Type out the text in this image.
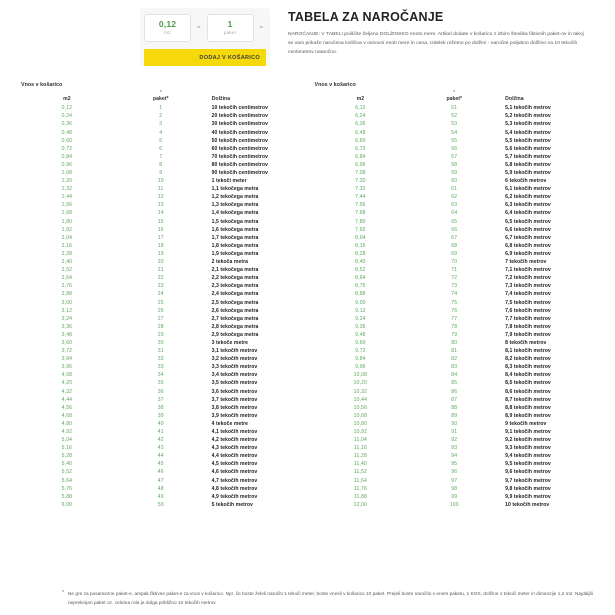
0,12
m2
=	1
paket
=
DODAJ V KOŠARICO
TABELA ZA NAROČANJE

NAROČANJE: V TABELI poiščite željeno DOLŽINSKO enoto mere. Artikel dodate v košarico z izbiro številka fiktivnih paket-ov in takoj se vam prikaže naročena količina v osnovni enoti mere in cena. Izdelek režemo po dolžini - naročite poljubno dolžino na 10 tekočih centimetrov natančno.

Vnos v košarico		
	*	
m2	paket*	Dolžina
0,12	1	10 tekočih centimetrov
0,24	2	20 tekočih centimetrov
0,36	3	30 tekočih centimetrov
0,48	4	40 tekočih centimetrov
0,60	5	50 tekočih centimetrov
0,72	6	60 tekočih centimetrov
0,84	7	70 tekočih centimetrov
0,96	8	80 tekočih centimetrov
1,08	9	90 tekočih centimetrov
1,20	10	1 tekoči meter
1,32	11	1,1 tekočega metra
1,44	12	1,2 tekočega metra
1,56	13	1,3 tekočega metra
1,68	14	1,4 tekočega metra
1,80	15	1,5 tekočega metra
1,92	16	1,6 tekočega metra
2,04	17	1,7 tekočega metra
2,16	18	1,8 tekočega metra
2,28	19	1,9 tekočega metra
2,40	20	2 tekoča metra
2,52	21	2,1 tekočega metra
2,64	22	2,2 tekočega metra
2,76	23	2,3 tekočega metra
2,88	24	2,4 tekočega metra
3,00	25	2,5 tekočega metra
3,12	26	2,6 tekočega metra
3,24	27	2,7 tekočega metra
3,36	28	2,8 tekočega metra
3,48	29	2,9 tekočega metra
3,60	30	3 tekoče metre
3,72	31	3,1 tekočih metrov
3,84	32	3,2 tekočih metrov
3,96	33	3,3 tekočih metrov
4,08	34	3,4 tekočih metrov
4,20	35	3,5 tekočih metrov
4,32	36	3,6 tekočih metrov
4,44	37	3,7 tekočih metrov
4,56	38	3,8 tekočih metrov
4,68	39	3,9 tekočih metrov
4,80	40	4 tekoče metre
4,92	41	4,1 tekočih metrov
5,04	42	4,2 tekočih metrov
5,16	43	4,3 tekočih metrov
5,28	44	4,4 tekočih metrov
5,40	45	4,5 tekočih metrov
5,52	46	4,6 tekočih metrov
5,64	47	4,7 tekočih metrov
5,76	48	4,8 tekočih metrov
5,88	49	4,9 tekočih metrov
6,00	50	5 tekočih metrov
Vnos v košarico		
	*	
m2	paket*	Dolžina
6,12	51	5,1 tekočih metrov
6,24	52	5,2 tekočih metrov
6,36	53	5,3 tekočih metrov
6,48	54	5,4 tekočih metrov
6,60	55	5,5 tekočih metrov
6,72	56	5,6 tekočih metrov
6,84	57	5,7 tekočih metrov
6,96	58	5,8 tekočih metrov
7,08	59	5,9 tekočih metrov
7,20	60	6 tekočih metrov
7,32	61	6,1 tekočih metrov
7,44	62	6,2 tekočih metrov
7,56	63	6,3 tekočih metrov
7,68	64	6,4 tekočih metrov
7,80	65	6,5 tekočih metrov
7,92	66	6,6 tekočih metrov
8,04	67	6,7 tekočih metrov
8,16	68	6,8 tekočih metrov
8,28	69	6,9 tekočih metrov
8,40	70	7 tekočih metrov
8,52	71	7,1 tekočih metrov
8,64	72	7,2 tekočih metrov
8,76	73	7,3 tekočih metrov
8,88	74	7,4 tekočih metrov
9,00	75	7,5 tekočih metrov
9,12	76	7,6 tekočih metrov
9,24	77	7,7 tekočih metrov
9,36	78	7,8 tekočih metrov
9,48	79	7,9 tekočih metrov
9,60	80	8 tekočih metrov
9,72	81	8,1 tekočih metrov
9,84	82	8,2 tekočih metrov
9,96	83	8,3 tekočih metrov
10,08	84	8,4 tekočih metrov
10,20	85	8,5 tekočih metrov
10,32	86	8,6 tekočih metrov
10,44	87	8,7 tekočih metrov
10,56	88	8,8 tekočih metrov
10,68	89	8,9 tekočih metrov
10,80	90	9 tekočih metrov
10,92	91	9,1 tekočih metrov
11,04	92	9,2 tekočih metrov
11,16	93	9,3 tekočih metrov
11,28	94	9,4 tekočih metrov
11,40	95	9,5 tekočih metrov
11,52	96	9,6 tekočih metrov
11,64	97	9,7 tekočih metrov
11,76	98	9,8 tekočih metrov
11,88	99	9,9 tekočih metrov
12,00	100	10 tekočih metrov
* Ne gre za posamezne paket-e, ampak fiktivne paket-e za vnos v košarico. Npr. če boste želeli naročiti 1 tekoči meter, boste vnesli v košarico 10 paket. Prejeli boste naročilo v enem paketu, 1 KOS, dolžine 1 tekoči meter in dimenzije 1,2 m2. Najdaljši neprekinjen paket oz. celotna rola je dolga približno 10 tekočih metrov.
